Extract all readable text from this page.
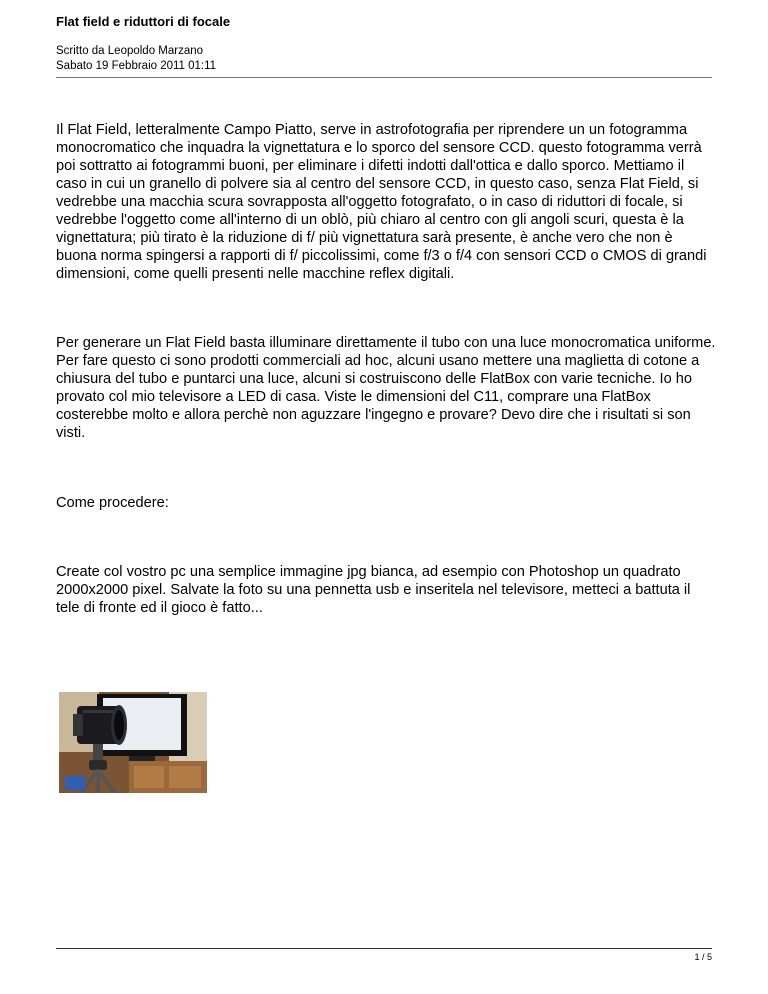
Flat field e riduttori di focale
Scritto da Leopoldo Marzano
Sabato 19 Febbraio 2011 01:11

Il Flat Field, letteralmente Campo Piatto, serve in astrofotografia per riprendere un un fotogramma monocromatico che inquadra la vignettatura e lo sporco del sensore CCD. questo fotogramma verrà poi sottratto ai fotogrammi buoni, per eliminare i difetti indotti dall'ottica e dallo sporco. Mettiamo il caso in cui un granello di polvere sia al centro del sensore CCD, in questo caso, senza Flat Field, si vedrebbe una macchia scura sovrapposta all'oggetto fotografato, o in caso di riduttori di focale, si vedrebbe l'oggetto come all'interno di un oblò, più chiaro al centro con gli angoli scuri, questa è la vignettatura; più tirato è la riduzione di f/ più vignettatura sarà presente, è anche vero che non è buona norma spingersi a rapporti di f/ piccolissimi, come f/3 o f/4 con sensori CCD o CMOS di grandi dimensioni, come quelli presenti nelle macchine reflex digitali.

Per generare un Flat Field basta illuminare direttamente il tubo con una luce monocromatica uniforme. Per fare questo ci sono prodotti commerciali ad hoc, alcuni usano mettere una maglietta di cotone a chiusura del tubo e puntarci una luce, alcuni si costruiscono delle FlatBox con varie tecniche. Io ho provato col mio televisore a LED di casa. Viste le dimensioni del C11, comprare una FlatBox costerebbe molto e allora perchè non aguzzare l'ingegno e provare? Devo dire che i risultati si son visti.

Come procedere:

Create col vostro pc una semplice immagine jpg bianca, ad esempio con Photoshop un quadrato 2000x2000 pixel. Salvate la foto su una pennetta usb e inseritela nel televisore, metteci a battuta il tele di fronte ed il gioco è fatto...

1 / 5
